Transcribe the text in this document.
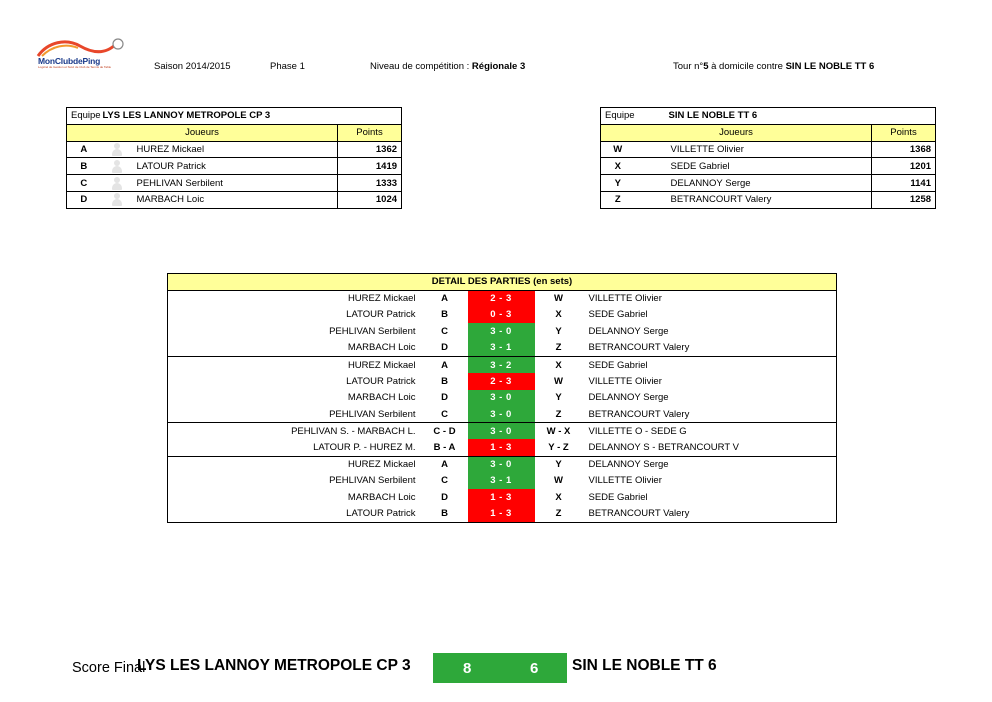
MonClubdePing
Logiciel de Gestion et Suivi de Club de Tennis de Table	Saison 2014/2015	Phase 1	Niveau de compétition : Régionale 3	Tour n°5 à domicile contre SIN LE NOBLE TT 6
Equipe	LYS LES LANNOY METROPOLE CP 3		
Joueurs			Points
A		HUREZ Mickael	1362
B		LATOUR Patrick	1419
C		PEHLIVAN Serbilent	1333
D		MARBACH Loic	1024
Equipe	SIN LE NOBLE TT 6		
Joueurs			Points
W		VILLETTE Olivier	1368
X		SEDE Gabriel	1201
Y		DELANNOY Serge	1141
Z		BETRANCOURT Valery	1258
DETAIL DES PARTIES (en sets)				
HUREZ Mickael	A	2 - 3	W	VILLETTE Olivier
LATOUR Patrick	B	0 - 3	X	SEDE Gabriel
PEHLIVAN Serbilent	C	3 - 0	Y	DELANNOY Serge
MARBACH Loic	D	3 - 1	Z	BETRANCOURT Valery
HUREZ Mickael	A	3 - 2	X	SEDE Gabriel
LATOUR Patrick	B	2 - 3	W	VILLETTE Olivier
MARBACH Loic	D	3 - 0	Y	DELANNOY Serge
PEHLIVAN Serbilent	C	3 - 0	Z	BETRANCOURT Valery
PEHLIVAN S. - MARBACH L.	C - D	3 - 0	W - X	VILLETTE O - SEDE G
LATOUR P. - HUREZ M.	B - A	1 - 3	Y - Z	DELANNOY S - BETRANCOURT V
HUREZ Mickael	A	3 - 0	Y	DELANNOY Serge
PEHLIVAN Serbilent	C	3 - 1	W	VILLETTE Olivier
MARBACH Loic	D	1 - 3	X	SEDE Gabriel
LATOUR Patrick	B	1 - 3	Z	BETRANCOURT Valery
Score Final
LYS LES LANNOY METROPOLE CP 3	8	6 SIN LE NOBLE TT 6
